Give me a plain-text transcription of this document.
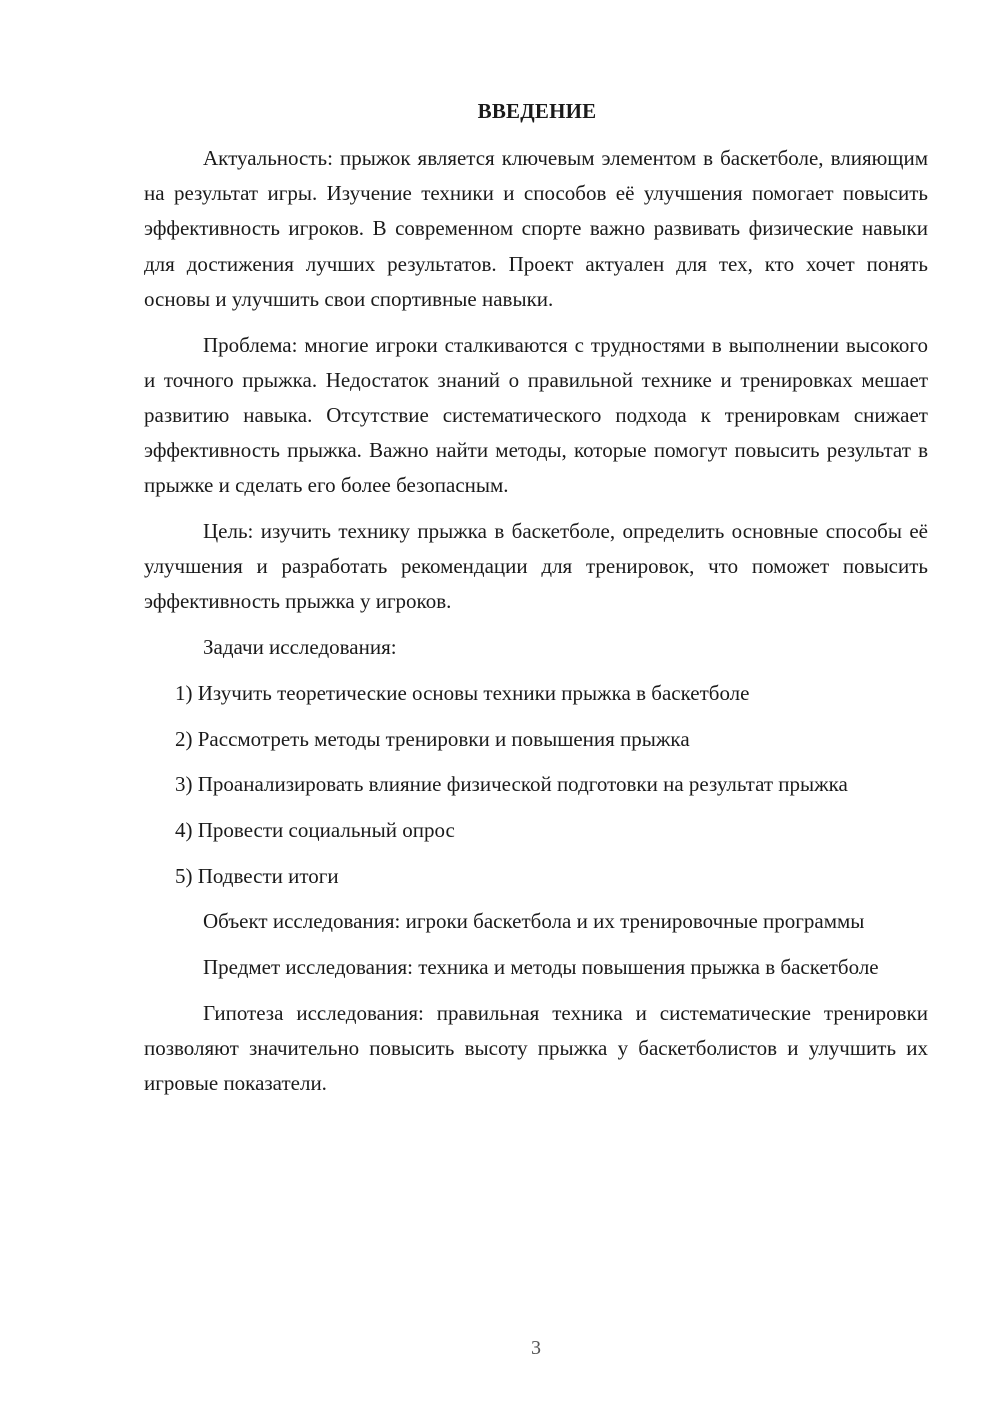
ВВЕДЕНИЕ

Актуальность: прыжок является ключевым элементом в баскетболе, влияющим на результат игры. Изучение техники и способов её улучшения помогает повысить эффективность игроков. В современном спорте важно развивать физические навыки для достижения лучших результатов. Проект актуален для тех, кто хочет понять основы и улучшить свои спортивные навыки.

Проблема: многие игроки сталкиваются с трудностями в выполнении высокого и точного прыжка. Недостаток знаний о правильной технике и тренировках мешает развитию навыка. Отсутствие систематического подхода к тренировкам снижает эффективность прыжка. Важно найти методы, которые помогут повысить результат в прыжке и сделать его более безопасным.

Цель: изучить технику прыжка в баскетболе, определить основные способы её улучшения и разработать рекомендации для тренировок, что поможет повысить эффективность прыжка у игроков.

Задачи исследования:

1) Изучить теоретические основы техники прыжка в баскетболе

2) Рассмотреть методы тренировки и повышения прыжка

3) Проанализировать влияние физической подготовки на результат прыжка

4) Провести социальный опрос

5) Подвести итоги

Объект исследования: игроки баскетбола и их тренировочные программы

Предмет исследования: техника и методы повышения прыжка в баскетболе

Гипотеза исследования: правильная техника и систематические тренировки позволяют значительно повысить высоту прыжка у баскетболистов и улучшить их игровые показатели.

3
